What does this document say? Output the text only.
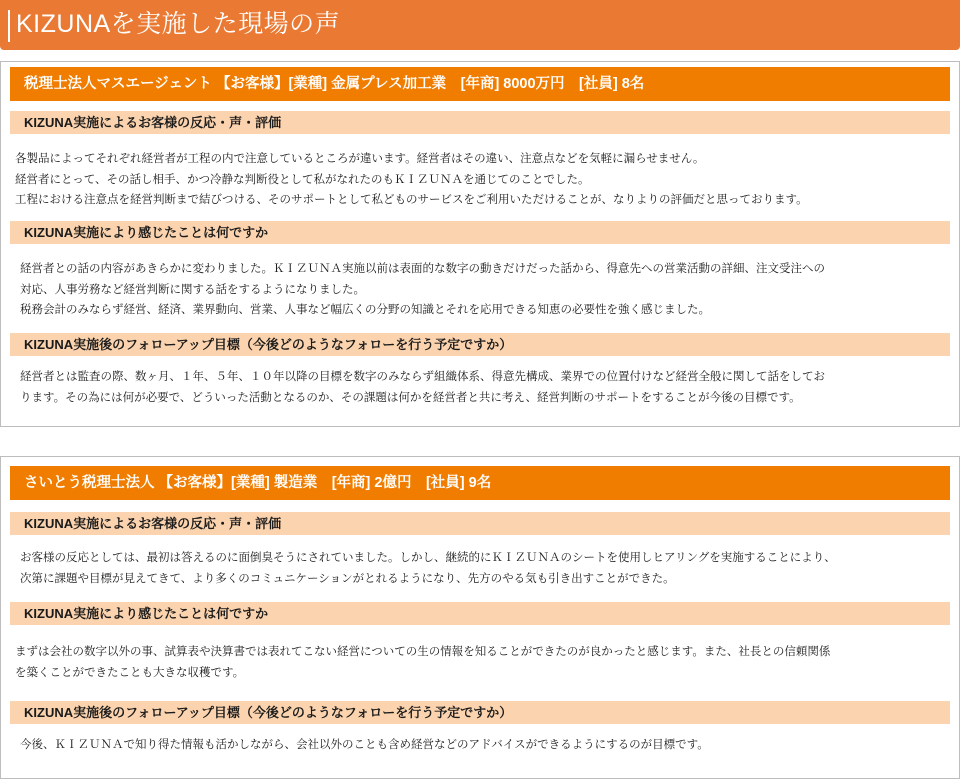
KIZUNAを実施した現場の声
税理士法人マスエージェント 【お客様】[業種] 金属プレス加工業　[年商] 8000万円　[社員] 8名
KIZUNA実施によるお客様の反応・声・評価

各製品によってそれぞれ経営者が工程の内で注意しているところが違います。経営者はその違い、注意点などを気軽に漏らせません。

経営者にとって、その話し相手、かつ冷静な判断役として私がなれたのもＫＩＺＵＮＡを通じてのことでした。

工程における注意点を経営判断まで結びつける、そのサポートとして私どものサービスをご利用いただけることが、なりよりの評価だと思っております。

KIZUNA実施により感じたことは何ですか

経営者との話の内容があきらかに変わりました。ＫＩＺＵＮＡ実施以前は表面的な数字の動きだけだった話から、得意先への営業活動の詳細、注文受注への

対応、人事労務など経営判断に関する話をするようになりました。

税務会計のみならず経営、経済、業界動向、営業、人事など幅広くの分野の知識とそれを応用できる知恵の必要性を強く感じました。

KIZUNA実施後のフォローアップ目標（今後どのようなフォローを行う予定ですか）

経営者とは監査の際、数ヶ月、１年、５年、１０年以降の目標を数字のみならず組織体系、得意先構成、業界での位置付けなど経営全般に関して話をしてお

ります。その為には何が必要で、どういった活動となるのか、その課題は何かを経営者と共に考え、経営判断のサポートをすることが今後の目標です。

さいとう税理士法人 【お客様】[業種] 製造業　[年商] 2億円　[社員] 9名
KIZUNA実施によるお客様の反応・声・評価

お客様の反応としては、最初は答えるのに面倒臭そうにされていました。しかし、継続的にＫＩＺＵＮＡのシートを使用しヒアリングを実施することにより、

次第に課題や目標が見えてきて、より多くのコミュニケーションがとれるようになり、先方のやる気も引き出すことができた。

KIZUNA実施により感じたことは何ですか

まずは会社の数字以外の事、試算表や決算書では表れてこない経営についての生の情報を知ることができたのが良かったと感じます。また、社長との信頼関係

を築くことができたことも大きな収穫です。

KIZUNA実施後のフォローアップ目標（今後どのようなフォローを行う予定ですか）

今後、ＫＩＺＵＮＡで知り得た情報も活かしながら、会社以外のことも含め経営などのアドバイスができるようにするのが目標です。
